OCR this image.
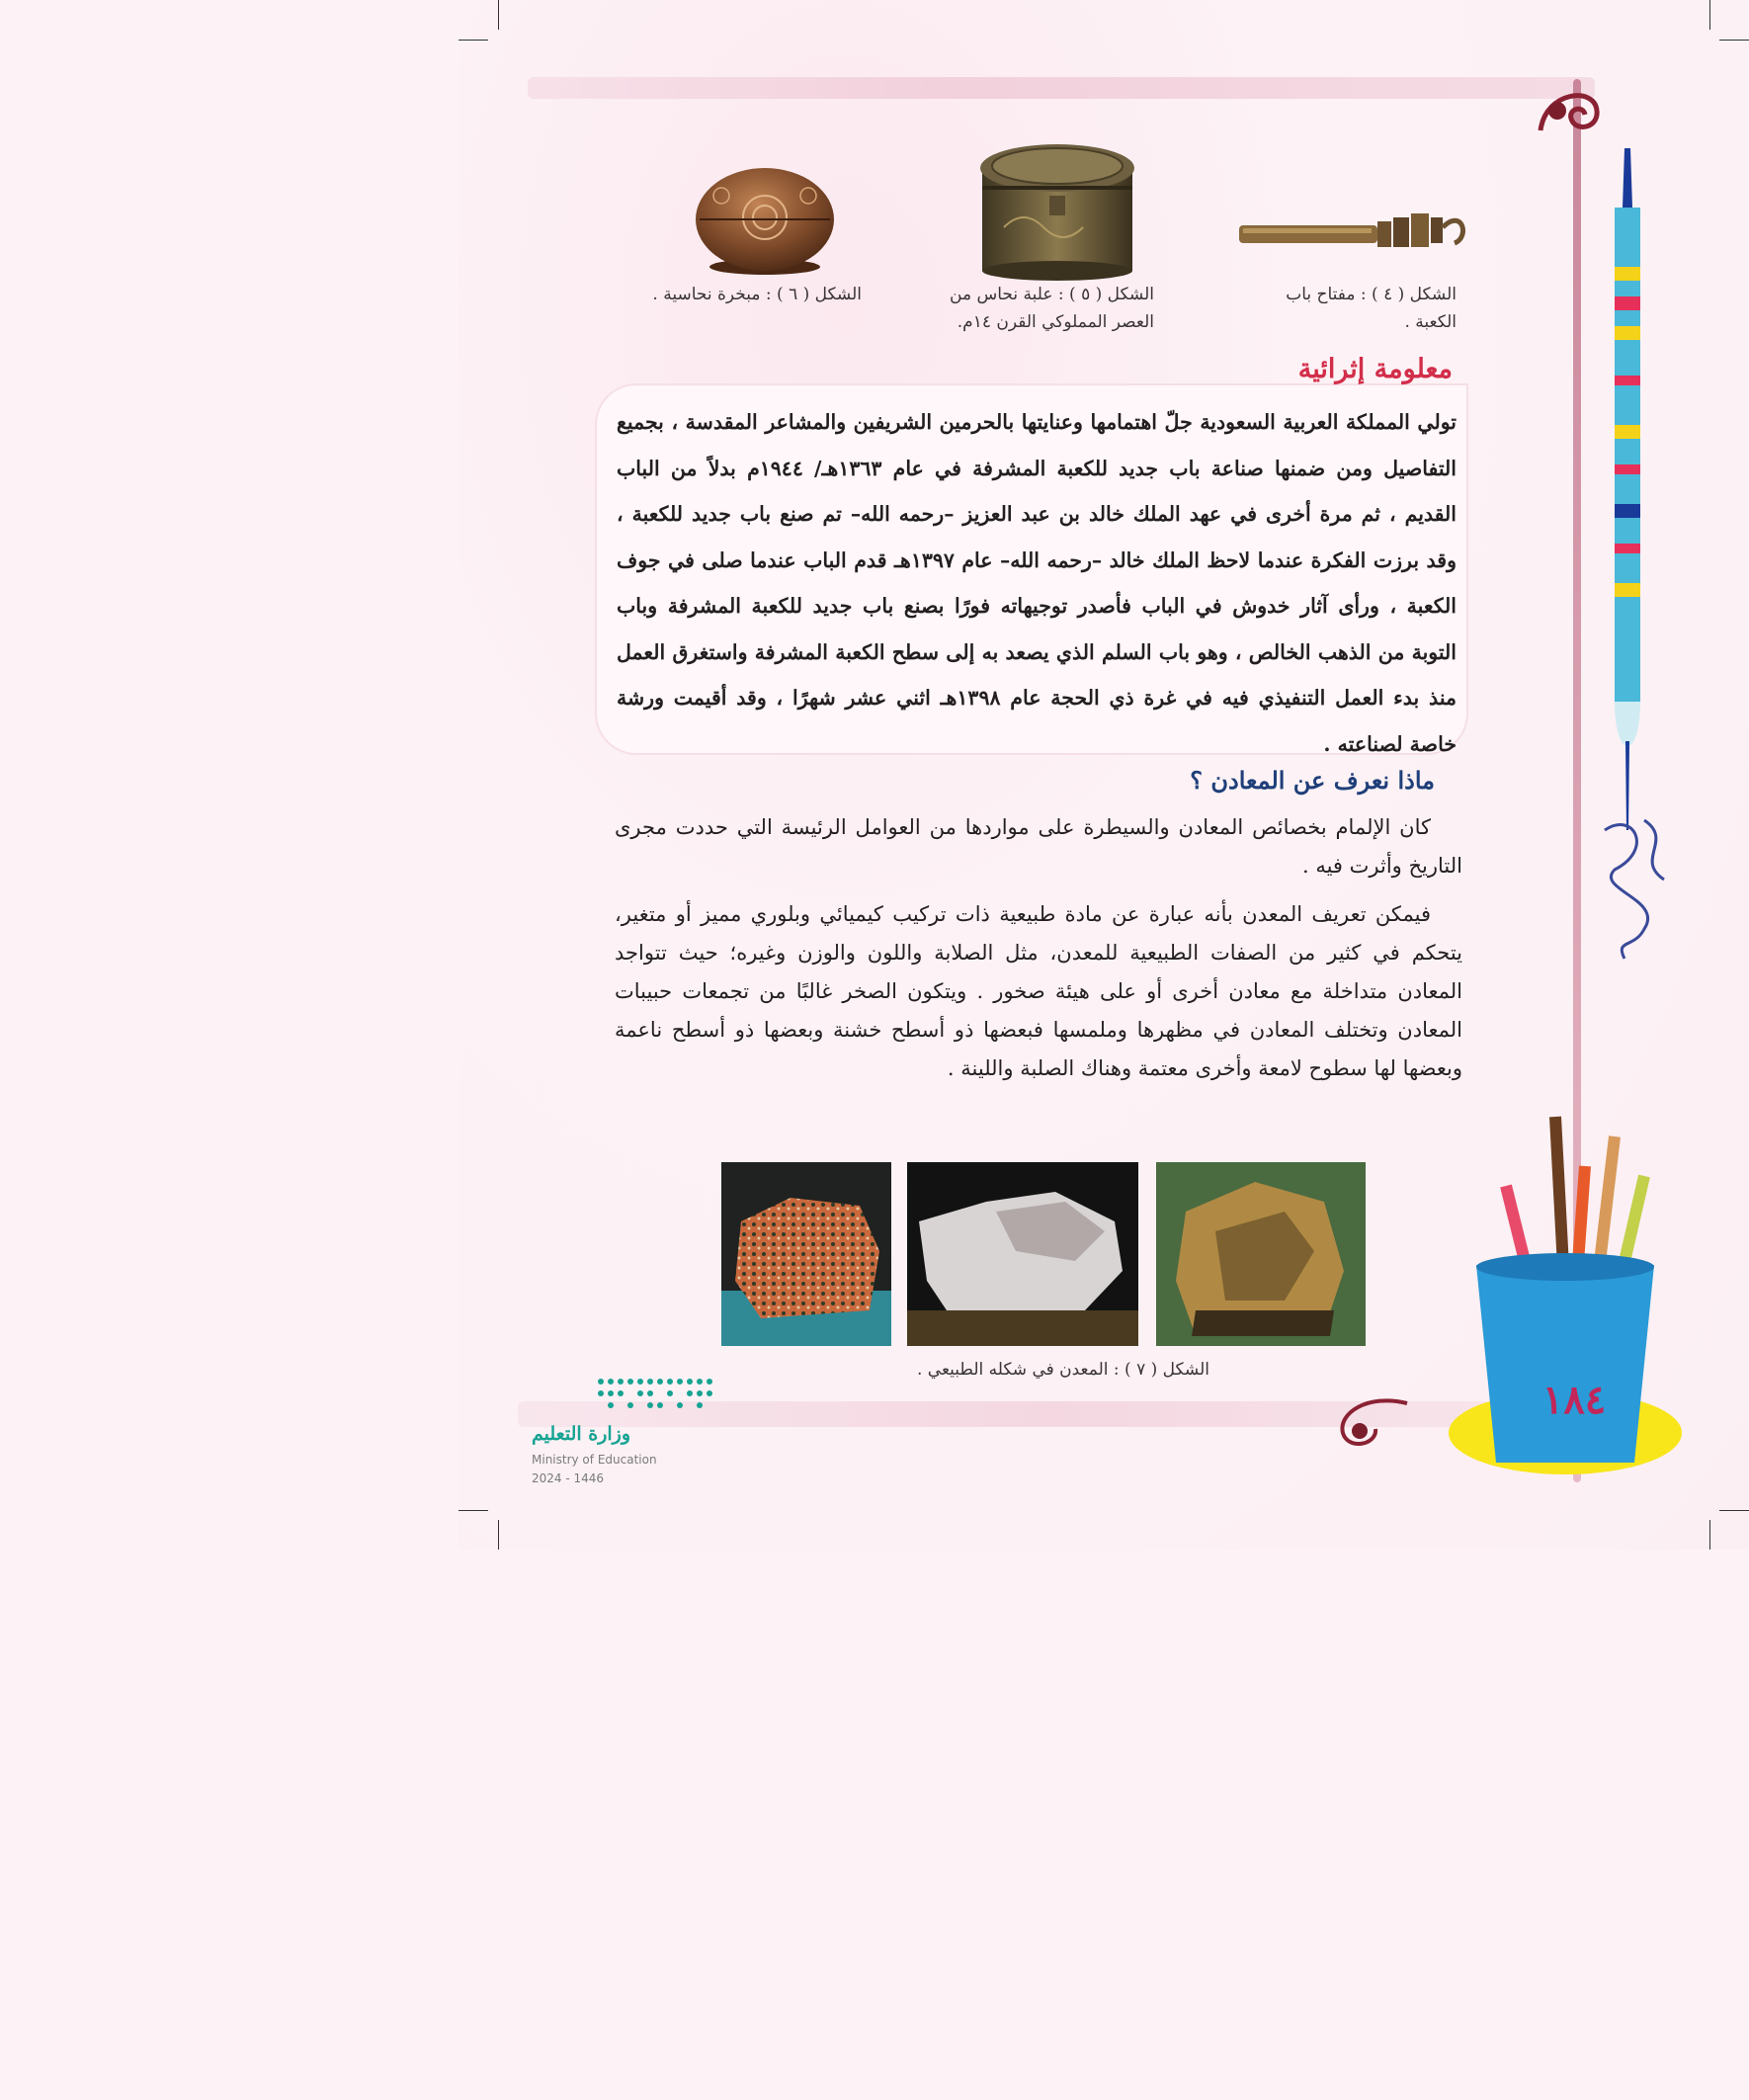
الشكل ( ٤ ) : مفتاح باب
الكعبة .
الشكل ( ٥ ) : علبة نحاس من
العصر المملوكي القرن ١٤م.
الشكل ( ٦ ) : مبخرة نحاسية .
معلومة إثرائية
تولي المملكة العربية السعودية جلّ اهتمامها وعنايتها بالحرمين الشريفين والمشاعر المقدسة ، بجميع التفاصيل ومن ضمنها صناعة باب جديد للكعبة المشرفة في عام ١٣٦٣هـ/ ١٩٤٤م بدلاً من الباب القديم ، ثم مرة أخرى في عهد الملك خالد بن عبد العزيز –رحمه الله– تم صنع باب جديد للكعبة ، وقد برزت الفكرة عندما لاحظ الملك خالد –رحمه الله– عام ١٣٩٧هـ قدم الباب عندما صلى في جوف الكعبة ، ورأى آثار خدوش في الباب فأصدر توجيهاته فورًا بصنع باب جديد للكعبة المشرفة وباب التوبة من الذهب الخالص ، وهو باب السلم الذي يصعد به إلى سطح الكعبة المشرفة واستغرق العمل منذ بدء العمل التنفيذي فيه في غرة ذي الحجة عام ١٣٩٨هـ اثني عشر شهرًا ، وقد أقيمت ورشة خاصة لصناعته .
ماذا نعرف عن المعادن ؟

كان الإلمام بخصائص المعادن والسيطرة على مواردها من العوامل الرئيسة التي حددت مجرى التاريخ وأثرت فيه .

فيمكن تعريف المعدن بأنه عبارة عن مادة طبيعية ذات تركيب كيميائي وبلوري مميز أو متغير، يتحكم في كثير من الصفات الطبيعية للمعدن، مثل الصلابة واللون والوزن وغيره؛ حيث تتواجد المعادن متداخلة مع معادن أخرى أو على هيئة صخور . ويتكون الصخر غالبًا من تجمعات حبيبات المعادن وتختلف المعادن في مظهرها وملمسها فبعضها ذو أسطح خشنة وبعضها ذو أسطح ناعمة وبعضها لها سطوح لامعة وأخرى معتمة وهناك الصلبة واللينة .

الشكل ( ٧ ) : المعدن في شكله الطبيعي .
١٨٤
وزارة التعليم
Ministry of Education
2024 - 1446
